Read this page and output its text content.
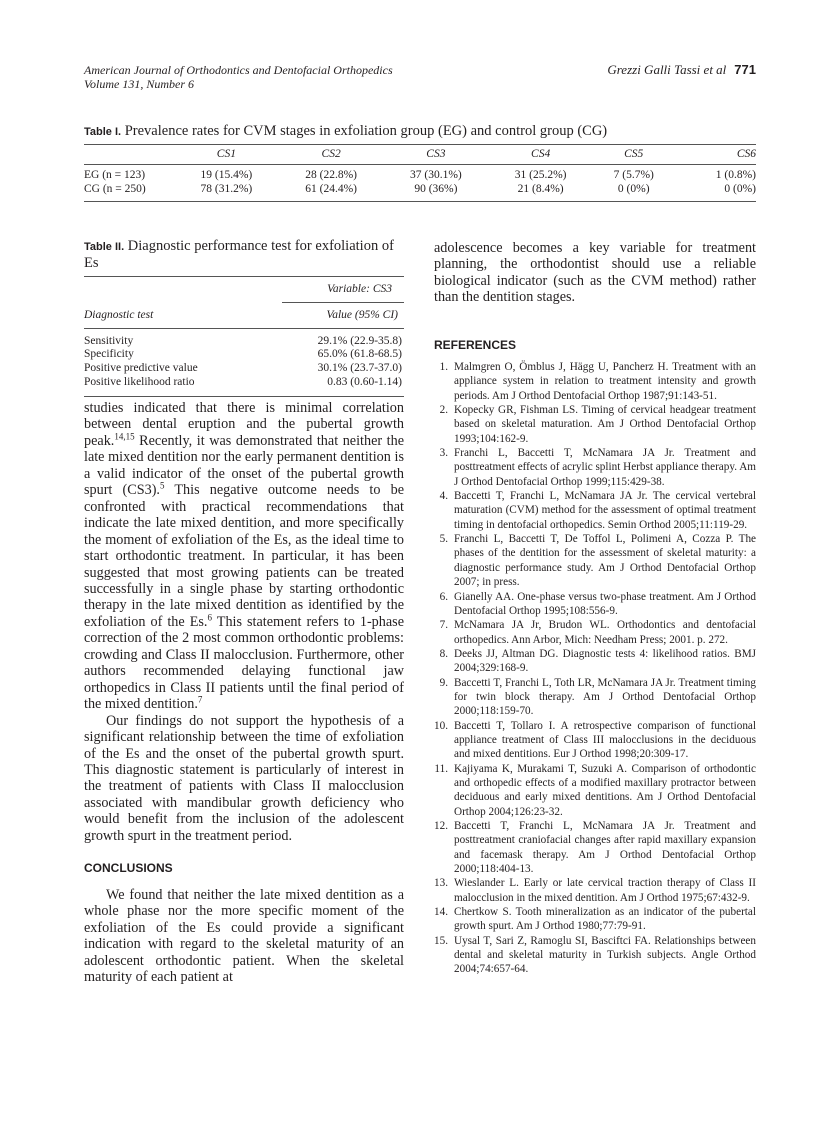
American Journal of Orthodontics and Dentofacial Orthopedics
Volume 131, Number 6
Grezzi Galli Tassi et al 771
Table I. Prevalence rates for CVM stages in exfoliation group (EG) and control group (CG)
	CS1	CS2	CS3	CS4	CS5	CS6
EG (n = 123)	19 (15.4%)	28 (22.8%)	37 (30.1%)	31 (25.2%)	7 (5.7%)	1 (0.8%)
CG (n = 250)	78 (31.2%)	61 (24.4%)	90 (36%)	21 (8.4%)	0 (0%)	0 (0%)
Table II. Diagnostic performance test for exfoliation of Es
	Variable: CS3
Diagnostic test	Value (95% CI)
Sensitivity	29.1% (22.9-35.8)
Specificity	65.0% (61.8-68.5)
Positive predictive value	30.1% (23.7-37.0)
Positive likelihood ratio	0.83 (0.60-1.14)

studies indicated that there is minimal correlation between dental eruption and the pubertal growth peak.$^{14,15}$ Recently, it was demonstrated that neither the late mixed dentition nor the early permanent dentition is a valid indicator of the onset of the pubertal growth spurt (CS3).$^5$ This negative outcome needs to be confronted with practical recommendations that indicate the late mixed dentition, and more specifically the moment of exfoliation of the Es, as the ideal time to start orthodontic treatment. In particular, it has been suggested that most growing patients can be treated successfully in a single phase by starting orthodontic therapy in the late mixed dentition as identified by the exfoliation of the Es.$^6$ This statement refers to 1-phase correction of the 2 most common orthodontic problems: crowding and Class II malocclusion. Furthermore, other authors recommended delaying functional jaw orthopedics in Class II patients until the final period of the mixed dentition.$^7$

Our findings do not support the hypothesis of a significant relationship between the time of exfoliation of the Es and the onset of the pubertal growth spurt. This diagnostic statement is particularly of interest in the treatment of patients with Class II malocclusion associated with mandibular growth deficiency who would benefit from the inclusion of the adolescent growth spurt in the treatment period.

CONCLUSIONS

We found that neither the late mixed dentition as a whole phase nor the more specific moment of the exfoliation of the Es could provide a significant indication with regard to the skeletal maturity of an adolescent orthodontic patient. When the skeletal maturity of each patient at

adolescence becomes a key variable for treatment planning, the orthodontist should use a reliable biological indicator (such as the CVM method) rather than the dentition stages.

REFERENCES
1. Malmgren O, Ömblus J, Hägg U, Pancherz H. Treatment with an appliance system in relation to treatment intensity and growth periods. Am J Orthod Dentofacial Orthop 1987;91:143-51.
2. Kopecky GR, Fishman LS. Timing of cervical headgear treatment based on skeletal maturation. Am J Orthod Dentofacial Orthop 1993;104:162-9.
3. Franchi L, Baccetti T, McNamara JA Jr. Treatment and posttreatment effects of acrylic splint Herbst appliance therapy. Am J Orthod Dentofacial Orthop 1999;115:429-38.
4. Baccetti T, Franchi L, McNamara JA Jr. The cervical vertebral maturation (CVM) method for the assessment of optimal treatment timing in dentofacial orthopedics. Semin Orthod 2005;11:119-29.
5. Franchi L, Baccetti T, De Toffol L, Polimeni A, Cozza P. The phases of the dentition for the assessment of skeletal maturity: a diagnostic performance study. Am J Orthod Dentofacial Orthop 2007; in press.
6. Gianelly AA. One-phase versus two-phase treatment. Am J Orthod Dentofacial Orthop 1995;108:556-9.
7. McNamara JA Jr, Brudon WL. Orthodontics and dentofacial orthopedics. Ann Arbor, Mich: Needham Press; 2001. p. 272.
8. Deeks JJ, Altman DG. Diagnostic tests 4: likelihood ratios. BMJ 2004;329:168-9.
9. Baccetti T, Franchi L, Toth LR, McNamara JA Jr. Treatment timing for twin block therapy. Am J Orthod Dentofacial Orthop 2000;118:159-70.
10. Baccetti T, Tollaro I. A retrospective comparison of functional appliance treatment of Class III malocclusions in the deciduous and mixed dentitions. Eur J Orthod 1998;20:309-17.
11. Kajiyama K, Murakami T, Suzuki A. Comparison of orthodontic and orthopedic effects of a modified maxillary protractor between deciduous and early mixed dentitions. Am J Orthod Dentofacial Orthop 2004;126:23-32.
12. Baccetti T, Franchi L, McNamara JA Jr. Treatment and posttreatment craniofacial changes after rapid maxillary expansion and facemask therapy. Am J Orthod Dentofacial Orthop 2000;118:404-13.
13. Wieslander L. Early or late cervical traction therapy of Class II malocclusion in the mixed dentition. Am J Orthod 1975;67:432-9.
14. Chertkow S. Tooth mineralization as an indicator of the pubertal growth spurt. Am J Orthod 1980;77:79-91.
15. Uysal T, Sari Z, Ramoglu SI, Basciftci FA. Relationships between dental and skeletal maturity in Turkish subjects. Angle Orthod 2004;74:657-64.
